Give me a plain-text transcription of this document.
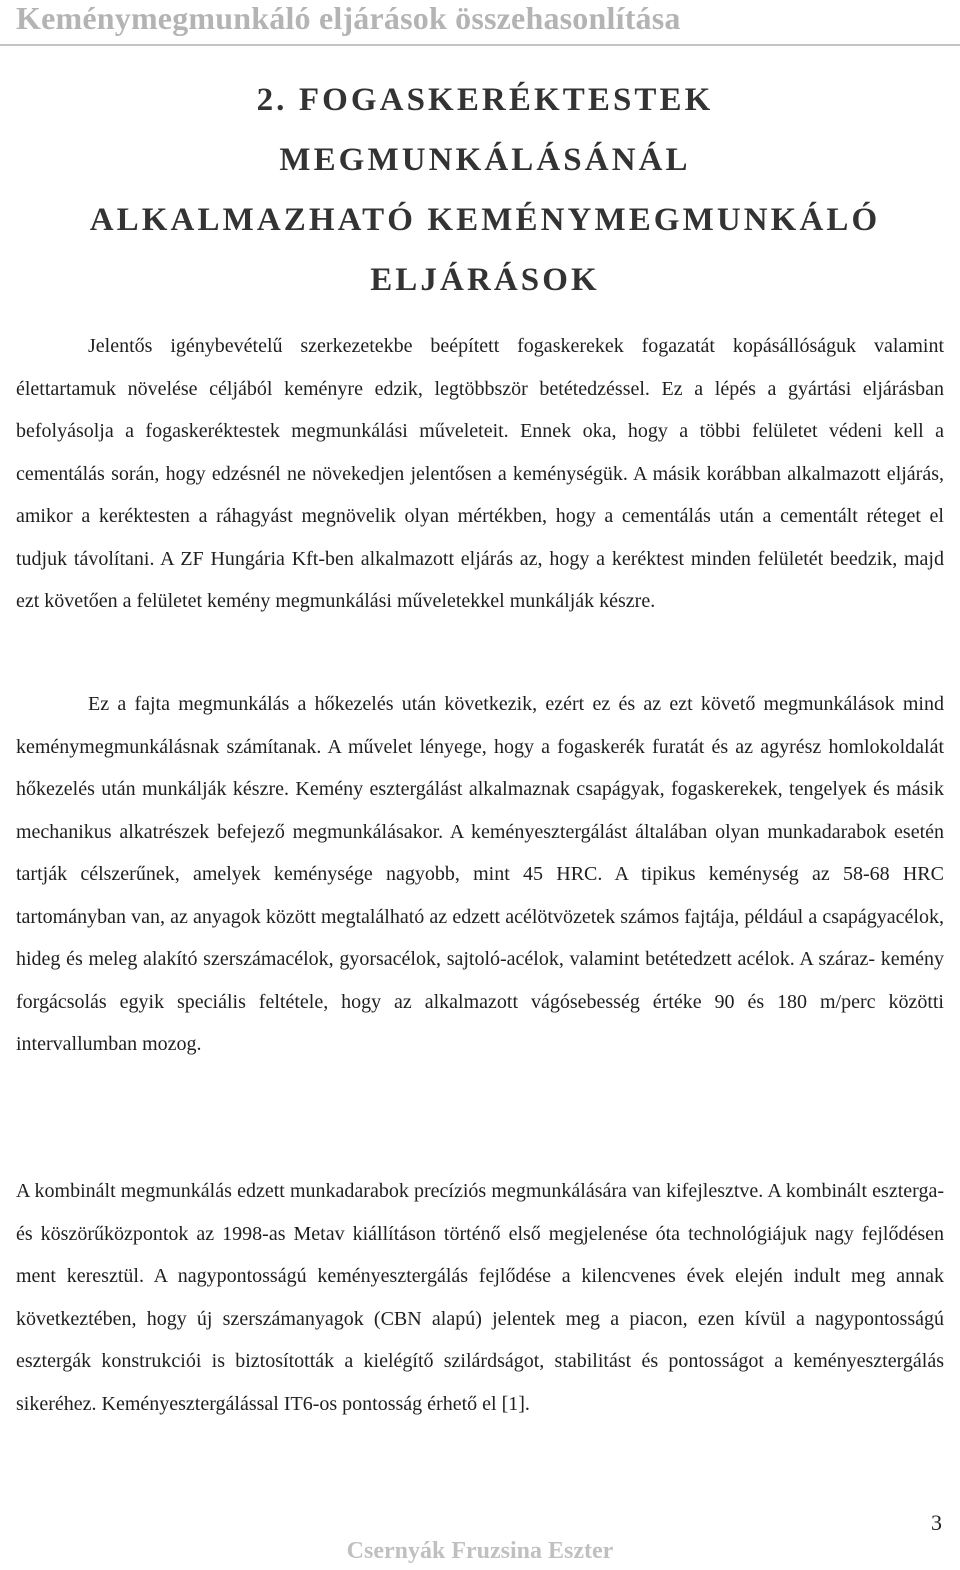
Keménymegmunkáló eljárások összehasonlítása
2. FOGASKERÉKTESTEK MEGMUNKÁLÁSÁNÁL
ALKALMAZHATÓ KEMÉNYMEGMUNKÁLÓ
ELJÁRÁSOK

Jelentős igénybevételű szerkezetekbe beépített fogaskerekek fogazatát kopásállóságuk valamint élettartamuk növelése céljából keményre edzik, legtöbbször betétedzéssel. Ez a lépés a gyártási eljárásban befolyásolja a fogaskeréktestek megmunkálási műveleteit. Ennek oka, hogy a többi felületet védeni kell a cementálás során, hogy edzésnél ne növekedjen jelentősen a keménységük. A másik korábban alkalmazott eljárás, amikor a keréktesten a ráhagyást megnövelik olyan mértékben, hogy a cementálás után a cementált réteget el tudjuk távolítani. A ZF Hungária Kft-ben alkalmazott eljárás az, hogy a keréktest minden felületét beedzik, majd ezt követően a felületet kemény megmunkálási műveletekkel munkálják készre.

Ez a fajta megmunkálás a hőkezelés után következik, ezért ez és az ezt követő megmunkálások mind keménymegmunkálásnak számítanak. A művelet lényege, hogy a fogaskerék furatát és az agyrész homlokoldalát hőkezelés után munkálják készre. Kemény esztergálást alkalmaznak csapágyak, fogaskerekek, tengelyek és másik mechanikus alkatrészek befejező megmunkálásakor. A keményesztergálást általában olyan munkadarabok esetén tartják célszerűnek, amelyek keménysége nagyobb, mint 45 HRC. A tipikus keménység az 58-68 HRC tartományban van, az anyagok között megtalálható az edzett acélötvözetek számos fajtája, például a csapágyacélok, hideg és meleg alakító szerszámacélok, gyorsacélok, sajtoló-acélok, valamint betétedzett acélok. A száraz- kemény forgácsolás egyik speciális feltétele, hogy az alkalmazott vágósebesség értéke 90 és 180 m/perc közötti intervallumban mozog.

A kombinált megmunkálás edzett munkadarabok precíziós megmunkálására van kifejlesztve. A kombinált eszterga- és köszörűközpontok az 1998-as Metav kiállításon történő első megjelenése óta technológiájuk nagy fejlődésen ment keresztül. A nagypontosságú keményesztergálás fejlődése a kilencvenes évek elején indult meg annak következtében, hogy új szerszámanyagok (CBN alapú) jelentek meg a piacon, ezen kívül a nagypontosságú esztergák konstrukciói is biztosították a kielégítő szilárdságot, stabilitást és pontosságot a keményesztergálás sikeréhez. Keményesztergálással IT6-os pontosság érhető el [1].

3
Csernyák Fruzsina Eszter
